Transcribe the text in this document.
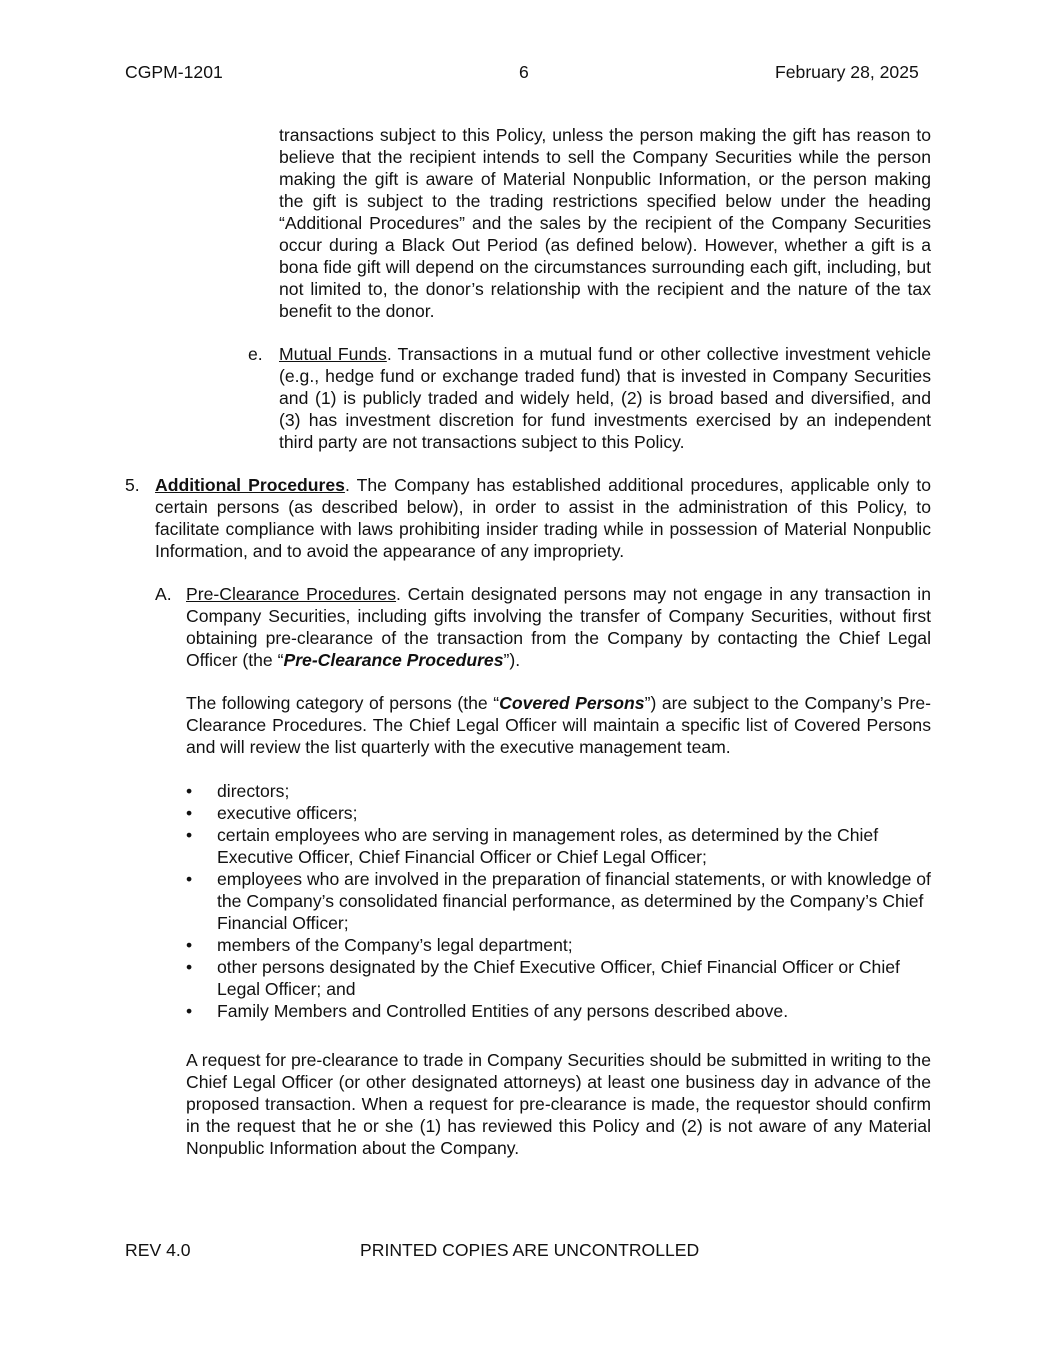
CGPM-1201	6	February 28, 2025

transactions subject to this Policy, unless the person making the gift has reason to believe that the recipient intends to sell the Company Securities while the person making the gift is aware of Material Nonpublic Information, or the person making the gift is subject to the trading restrictions specified below under the heading “Additional Procedures” and the sales by the recipient of the Company Securities occur during a Black Out Period (as defined below). However, whether a gift is a bona fide gift will depend on the circumstances surrounding each gift, including, but not limited to, the donor’s relationship with the recipient and the nature of the tax benefit to the donor.

e. Mutual Funds. Transactions in a mutual fund or other collective investment vehicle (e.g., hedge fund or exchange traded fund) that is invested in Company Securities and (1) is publicly traded and widely held, (2) is broad based and diversified, and (3) has investment discretion for fund investments exercised by an independent third party are not transactions subject to this Policy.

5. Additional Procedures. The Company has established additional procedures, applicable only to certain persons (as described below), in order to assist in the administration of this Policy, to facilitate compliance with laws prohibiting insider trading while in possession of Material Nonpublic Information, and to avoid the appearance of any impropriety.

A. Pre-Clearance Procedures. Certain designated persons may not engage in any transaction in Company Securities, including gifts involving the transfer of Company Securities, without first obtaining pre-clearance of the transaction from the Company by contacting the Chief Legal Officer (the “Pre-Clearance Procedures”).

The following category of persons (the “Covered Persons”) are subject to the Company’s Pre-Clearance Procedures. The Chief Legal Officer will maintain a specific list of Covered Persons and will review the list quarterly with the executive management team.

• directors;
• executive officers;
• certain employees who are serving in management roles, as determined by the Chief Executive Officer, Chief Financial Officer or Chief Legal Officer;
• employees who are involved in the preparation of financial statements, or with knowledge of the Company’s consolidated financial performance, as determined by the Company’s Chief Financial Officer;
• members of the Company’s legal department;
• other persons designated by the Chief Executive Officer, Chief Financial Officer or Chief Legal Officer; and
• Family Members and Controlled Entities of any persons described above.

A request for pre-clearance to trade in Company Securities should be submitted in writing to the Chief Legal Officer (or other designated attorneys) at least one business day in advance of the proposed transaction. When a request for pre-clearance is made, the requestor should confirm in the request that he or she (1) has reviewed this Policy and (2) is not aware of any Material Nonpublic Information about the Company.

REV 4.0	PRINTED COPIES ARE UNCONTROLLED
